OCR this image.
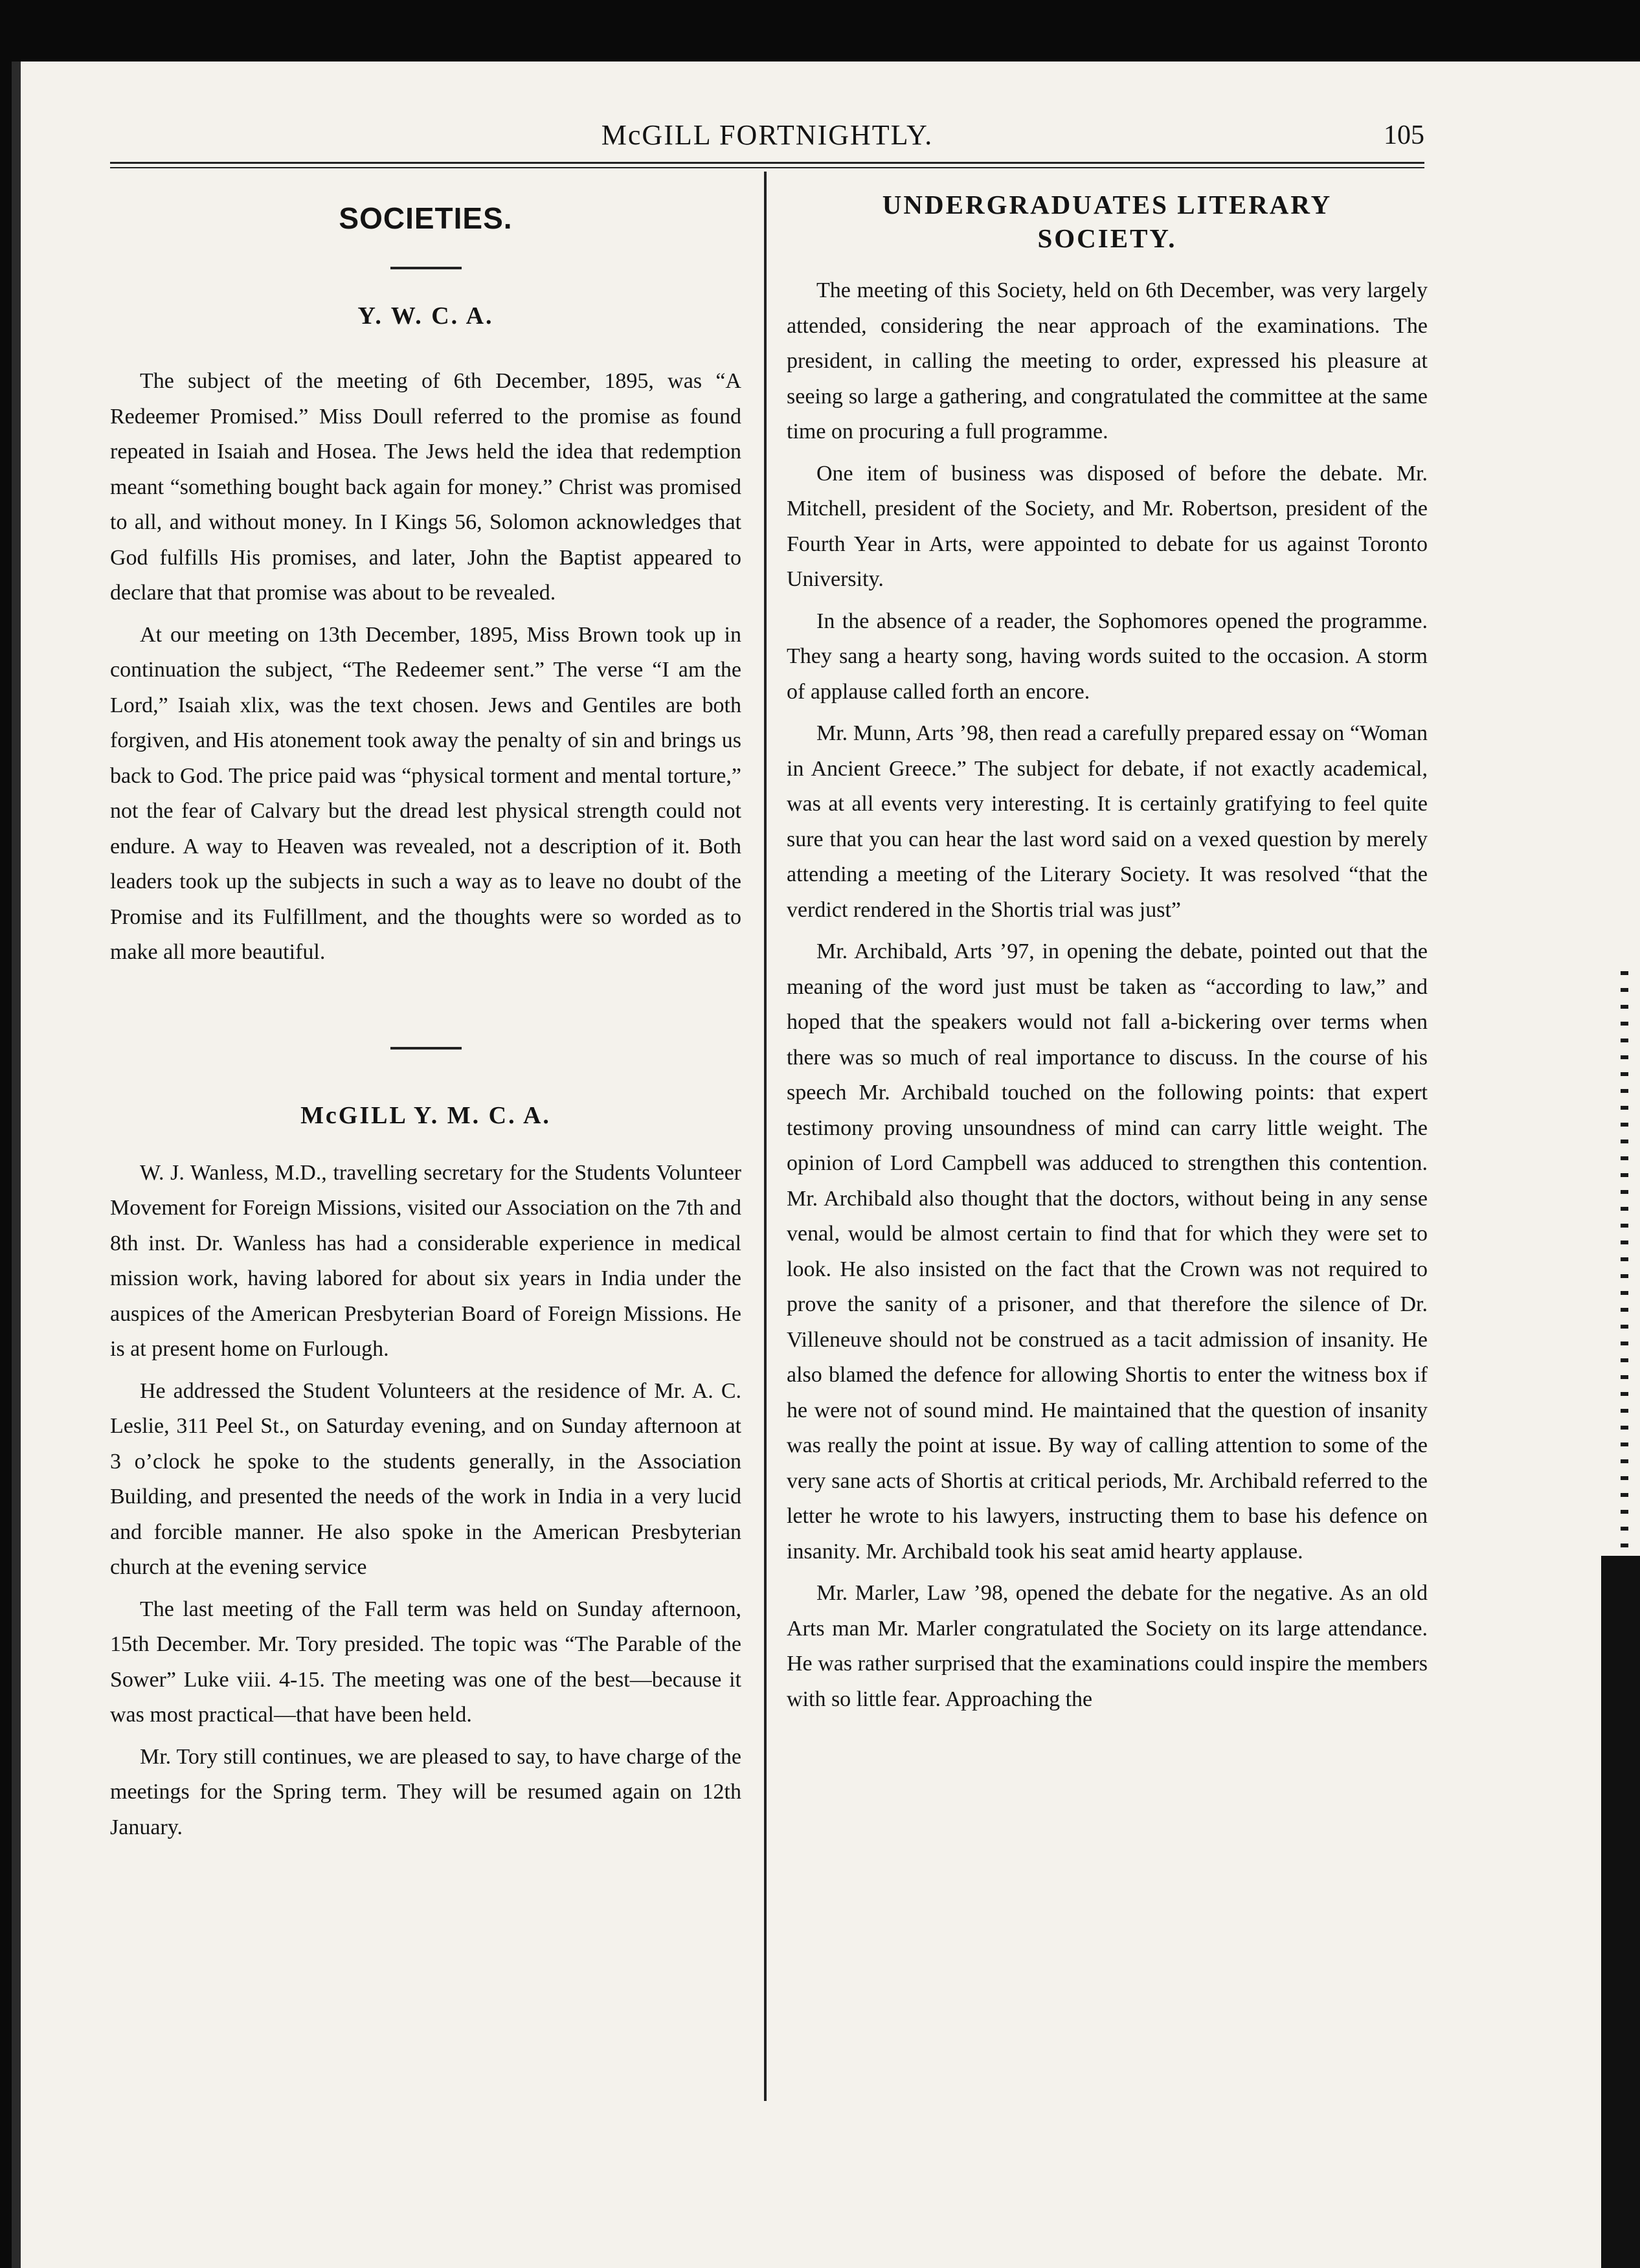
McGILL FORTNIGHTLY.	105
SOCIETIES.
Y. W. C. A.

The subject of the meeting of 6th December, 1895, was “A Redeemer Promised.” Miss Doull referred to the promise as found repeated in Isaiah and Hosea. The Jews held the idea that redemption meant “something bought back again for money.” Christ was promised to all, and without money. In I Kings 56, Solomon acknowledges that God fulfills His promises, and later, John the Baptist appeared to declare that that promise was about to be revealed.

At our meeting on 13th December, 1895, Miss Brown took up in continuation the subject, “The Redeemer sent.” The verse “I am the Lord,” Isaiah xlix, was the text chosen. Jews and Gentiles are both forgiven, and His atonement took away the penalty of sin and brings us back to God. The price paid was “physical torment and mental torture,” not the fear of Calvary but the dread lest physical strength could not endure. A way to Heaven was revealed, not a description of it. Both leaders took up the subjects in such a way as to leave no doubt of the Promise and its Fulfillment, and the thoughts were so worded as to make all more beautiful.

McGILL Y. M. C. A.

W. J. Wanless, M.D., travelling secretary for the Students Volunteer Movement for Foreign Missions, visited our Association on the 7th and 8th inst. Dr. Wanless has had a considerable experience in medical mission work, having labored for about six years in India under the auspices of the American Presbyterian Board of Foreign Missions. He is at present home on Furlough.

He addressed the Student Volunteers at the residence of Mr. A. C. Leslie, 311 Peel St., on Saturday evening, and on Sunday afternoon at 3 o’clock he spoke to the students generally, in the Association Building, and presented the needs of the work in India in a very lucid and forcible manner. He also spoke in the American Presbyterian church at the evening service

The last meeting of the Fall term was held on Sunday afternoon, 15th December. Mr. Tory presided. The topic was “The Parable of the Sower” Luke viii. 4-15. The meeting was one of the best—because it was most practical—that have been held.

Mr. Tory still continues, we are pleased to say, to have charge of the meetings for the Spring term. They will be resumed again on 12th January.

UNDERGRADUATES LITERARY
SOCIETY.

The meeting of this Society, held on 6th December, was very largely attended, considering the near approach of the examinations. The president, in calling the meeting to order, expressed his pleasure at seeing so large a gathering, and congratulated the committee at the same time on procuring a full programme.

One item of business was disposed of before the debate. Mr. Mitchell, president of the Society, and Mr. Robertson, president of the Fourth Year in Arts, were appointed to debate for us against Toronto University.

In the absence of a reader, the Sophomores opened the programme. They sang a hearty song, having words suited to the occasion. A storm of applause called forth an encore.

Mr. Munn, Arts ’98, then read a carefully prepared essay on “Woman in Ancient Greece.” The subject for debate, if not exactly academical, was at all events very interesting. It is certainly gratifying to feel quite sure that you can hear the last word said on a vexed question by merely attending a meeting of the Literary Society. It was resolved “that the verdict rendered in the Shortis trial was just”

Mr. Archibald, Arts ’97, in opening the debate, pointed out that the meaning of the word just must be taken as “according to law,” and hoped that the speakers would not fall a-bickering over terms when there was so much of real importance to discuss. In the course of his speech Mr. Archibald touched on the following points: that expert testimony proving unsoundness of mind can carry little weight. The opinion of Lord Campbell was adduced to strengthen this contention. Mr. Archibald also thought that the doctors, without being in any sense venal, would be almost certain to find that for which they were set to look. He also insisted on the fact that the Crown was not required to prove the sanity of a prisoner, and that therefore the silence of Dr. Villeneuve should not be construed as a tacit admission of insanity. He also blamed the defence for allowing Shortis to enter the witness box if he were not of sound mind. He maintained that the question of insanity was really the point at issue. By way of calling attention to some of the very sane acts of Shortis at critical periods, Mr. Archibald referred to the letter he wrote to his lawyers, instructing them to base his defence on insanity. Mr. Archibald took his seat amid hearty applause.

Mr. Marler, Law ’98, opened the debate for the negative. As an old Arts man Mr. Marler congratulated the Society on its large attendance. He was rather surprised that the examinations could inspire the members with so little fear. Approaching the
